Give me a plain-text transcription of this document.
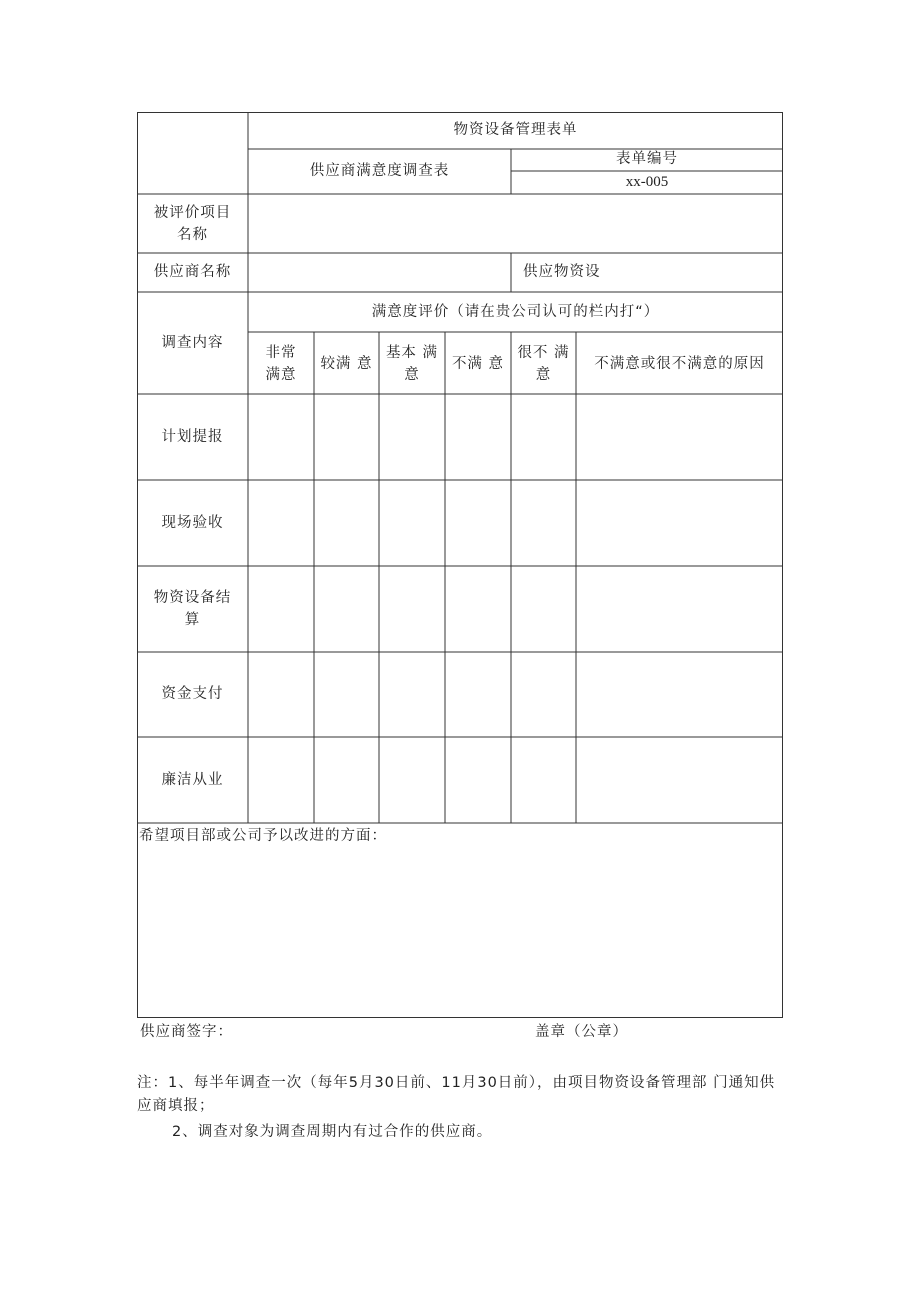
物资设备管理表单
供应商满意度调查表
表单编号
xx-005
被评价项目名称
供应商名称	供应物资设
调查内容
满意度评价（请在贵公司认可的栏内打“）
非常满意
较满 意
基本 满意
不满 意
很不 满意
不满意或很不满意的原因
计划提报
现场验收
物资设备结算
资金支付
廉洁从业
希望项目部或公司予以改进的方面：
供应商签字：	盖章（公章）
注：1、每半年调查一次（每年5月30日前、11月30日前），由项目物资设备管理部 门通知供应商填报；
2、调查对象为调查周期内有过合作的供应商。
